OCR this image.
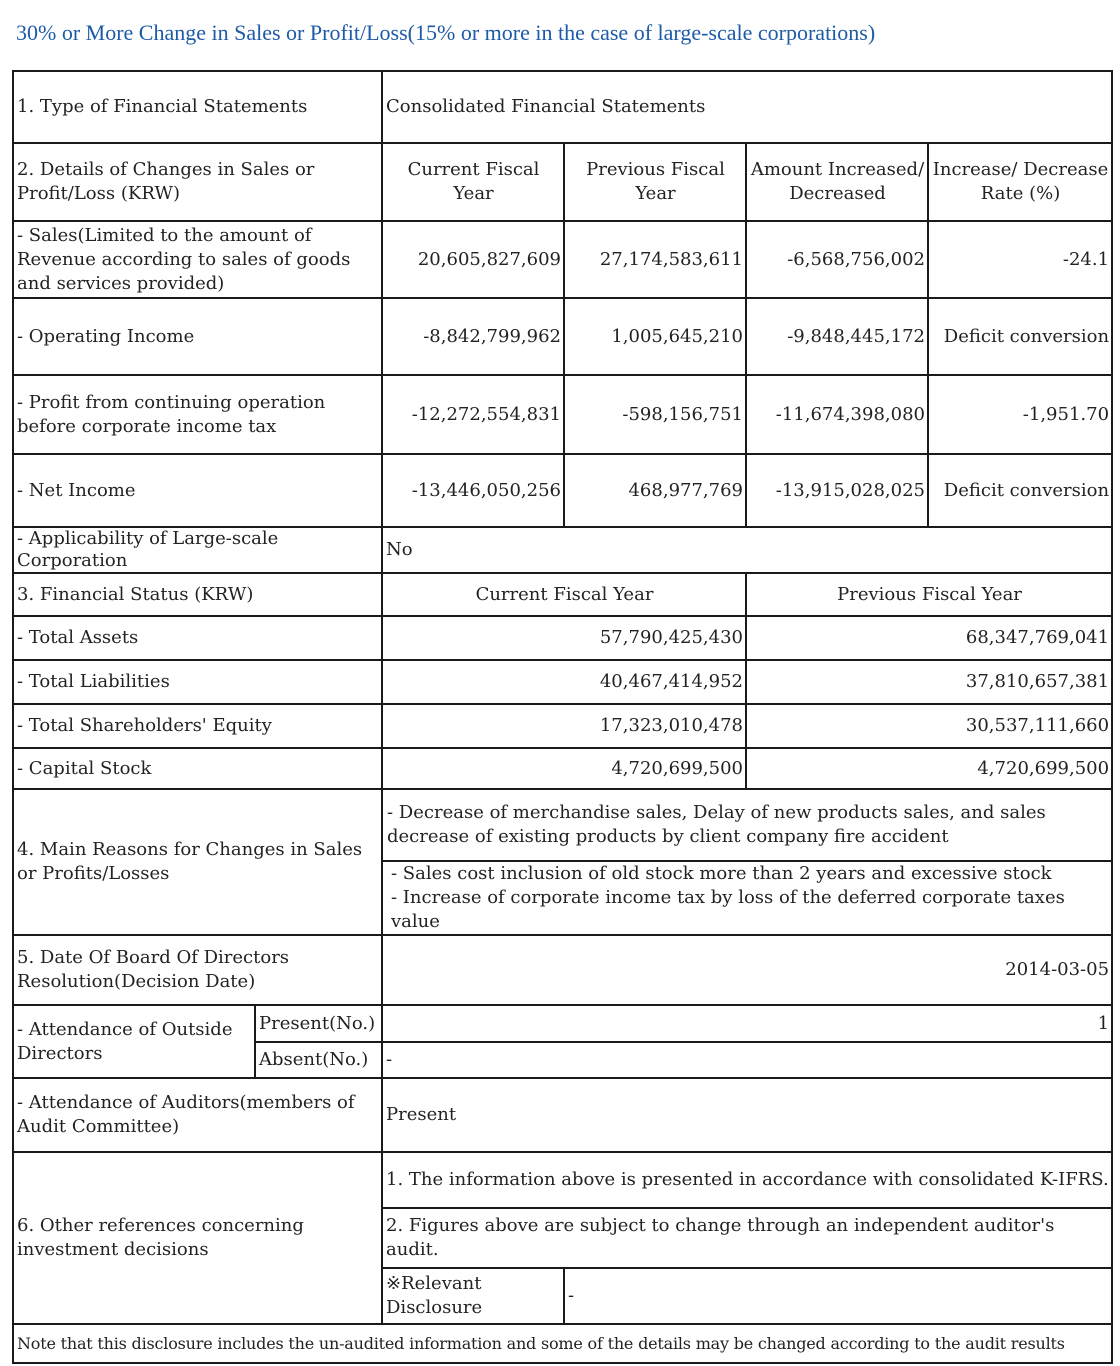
30% or More Change in Sales or Profit/Loss(15% or more in the case of large-scale corporations)
1. Type of Financial Statements		Consolidated Financial Statements			
2. Details of Changes in Sales or Profit/Loss (KRW)		Current Fiscal Year	Previous Fiscal Year	Amount Increased/ Decreased	Increase/ Decrease Rate (%)
- Sales(Limited to the amount of Revenue according to sales of goods and services provided)		20,605,827,609	27,174,583,611	-6,568,756,002	-24.1
- Operating Income		-8,842,799,962	1,005,645,210	-9,848,445,172	Deficit conversion
- Profit from continuing operation before corporate income tax		-12,272,554,831	-598,156,751	-11,674,398,080	-1,951.70
- Net Income		-13,446,050,256	468,977,769	-13,915,028,025	Deficit conversion
- Applicability of Large-scale Corporation		No			
3. Financial Status (KRW)		Current Fiscal Year		Previous Fiscal Year	
- Total Assets		57,790,425,430		68,347,769,041	
- Total Liabilities		40,467,414,952		37,810,657,381	
- Total Shareholders' Equity		17,323,010,478		30,537,111,660	
- Capital Stock		4,720,699,500		4,720,699,500	
4. Main Reasons for Changes in Sales or Profits/Losses		- Decrease of merchandise sales, Delay of new products sales, and sales decrease of existing products by client company fire accident			

		- Sales cost inclusion of old stock more than 2 years and excessive stock
- Increase of corporate income tax by loss of the deferred corporate taxes value			

5. Date Of Board Of Directors Resolution(Decision Date)		2014-03-05			
- Attendance of Outside Directors	Present(No.)	1			
	Absent(No.)	-			
- Attendance of Auditors(members of Audit Committee)		Present			
6. Other references concerning investment decisions		1. The information above is presented in accordance with consolidated K-IFRS.			
		2. Figures above are subject to change through an independent auditor's audit.			
		※Relevant Disclosure	-		
Note that this disclosure includes the un-audited information and some of the details may be changed according to the audit results					
